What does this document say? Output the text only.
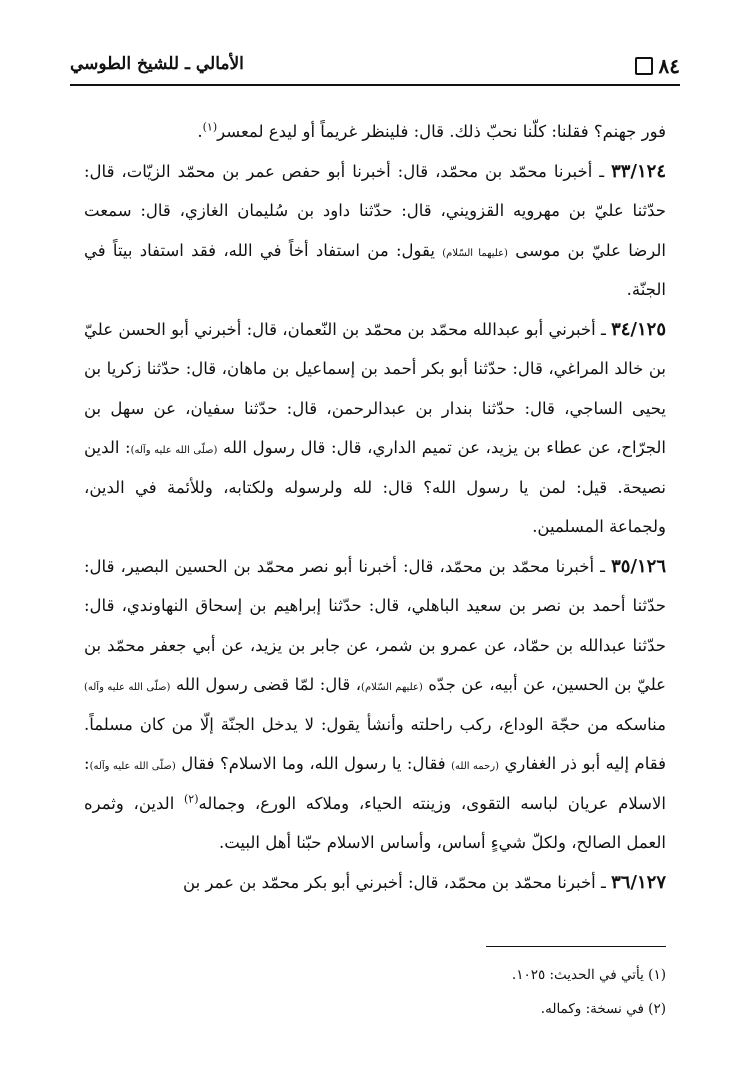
٨٤
الأمالي ـ للشيخ الطوسي

فور جهنم؟ فقلنا: كلّنا نحبّ ذلك. قال: فلينظر غريماً أو ليدع لمعسر$^{(١)}$.

٣٣/١٢٤ ـ أخبرنا محمّد بن محمّد، قال: أخبرنا أبو حفص عمر بن محمّد الزيّات، قال: حدّثنا عليّ بن مهرويه القزويني، قال: حدّثنا داود بن سُليمان الغازي، قال: سمعت الرضا عليّ بن موسى (عليهما السّلام) يقول: من استفاد أخاً في الله، فقد استفاد بيتاً في الجنّة.

٣٤/١٢٥ ـ أخبرني أبو عبدالله محمّد بن محمّد بن النّعمان، قال: أخبرني أبو الحسن عليّ بن خالد المراغي، قال: حدّثنا أبو بكر أحمد بن إسماعيل بن ماهان، قال: حدّثنا زكريا بن يحيى الساجي، قال: حدّثنا بندار بن عبدالرحمن، قال: حدّثنا سفيان، عن سهل بن الجرّاح، عن عطاء بن يزيد، عن تميم الداري، قال: قال رسول الله (صلّى الله عليه وآله): الدين نصيحة. قيل: لمن يا رسول الله؟ قال: لله ولرسوله ولكتابه، وللأئمة في الدين، ولجماعة المسلمين.

٣٥/١٢٦ ـ أخبرنا محمّد بن محمّد، قال: أخبرنا أبو نصر محمّد بن الحسين البصير، قال: حدّثنا أحمد بن نصر بن سعيد الباهلي، قال: حدّثنا إبراهيم بن إسحاق النهاوندي، قال: حدّثنا عبدالله بن حمّاد، عن عمرو بن شمر، عن جابر بن يزيد، عن أبي جعفر محمّد بن عليّ بن الحسين، عن أبيه، عن جدّه (عليهم السّلام)، قال: لمّا قضى رسول الله (صلّى الله عليه وآله) مناسكه من حجّة الوداع، ركب راحلته وأنشأ يقول: لا يدخل الجنّة إلّا من كان مسلماً. فقام إليه أبو ذر الغفاري (رحمه الله) فقال: يا رسول الله، وما الاسلام؟ فقال (صلّى الله عليه وآله): الاسلام عريان لباسه التقوى، وزينته الحياء، وملاكه الورع، وجماله$^{(٢)}$ الدين، وثمره العمل الصالح، ولكلّ شيءٍ أساس، وأساس الاسلام حبّنا أهل البيت.

٣٦/١٢٧ ـ أخبرنا محمّد بن محمّد، قال: أخبرني أبو بكر محمّد بن عمر بن

(١) يأتي في الحديث: ١٠٢٥.

(٢) في نسخة: وكماله.
